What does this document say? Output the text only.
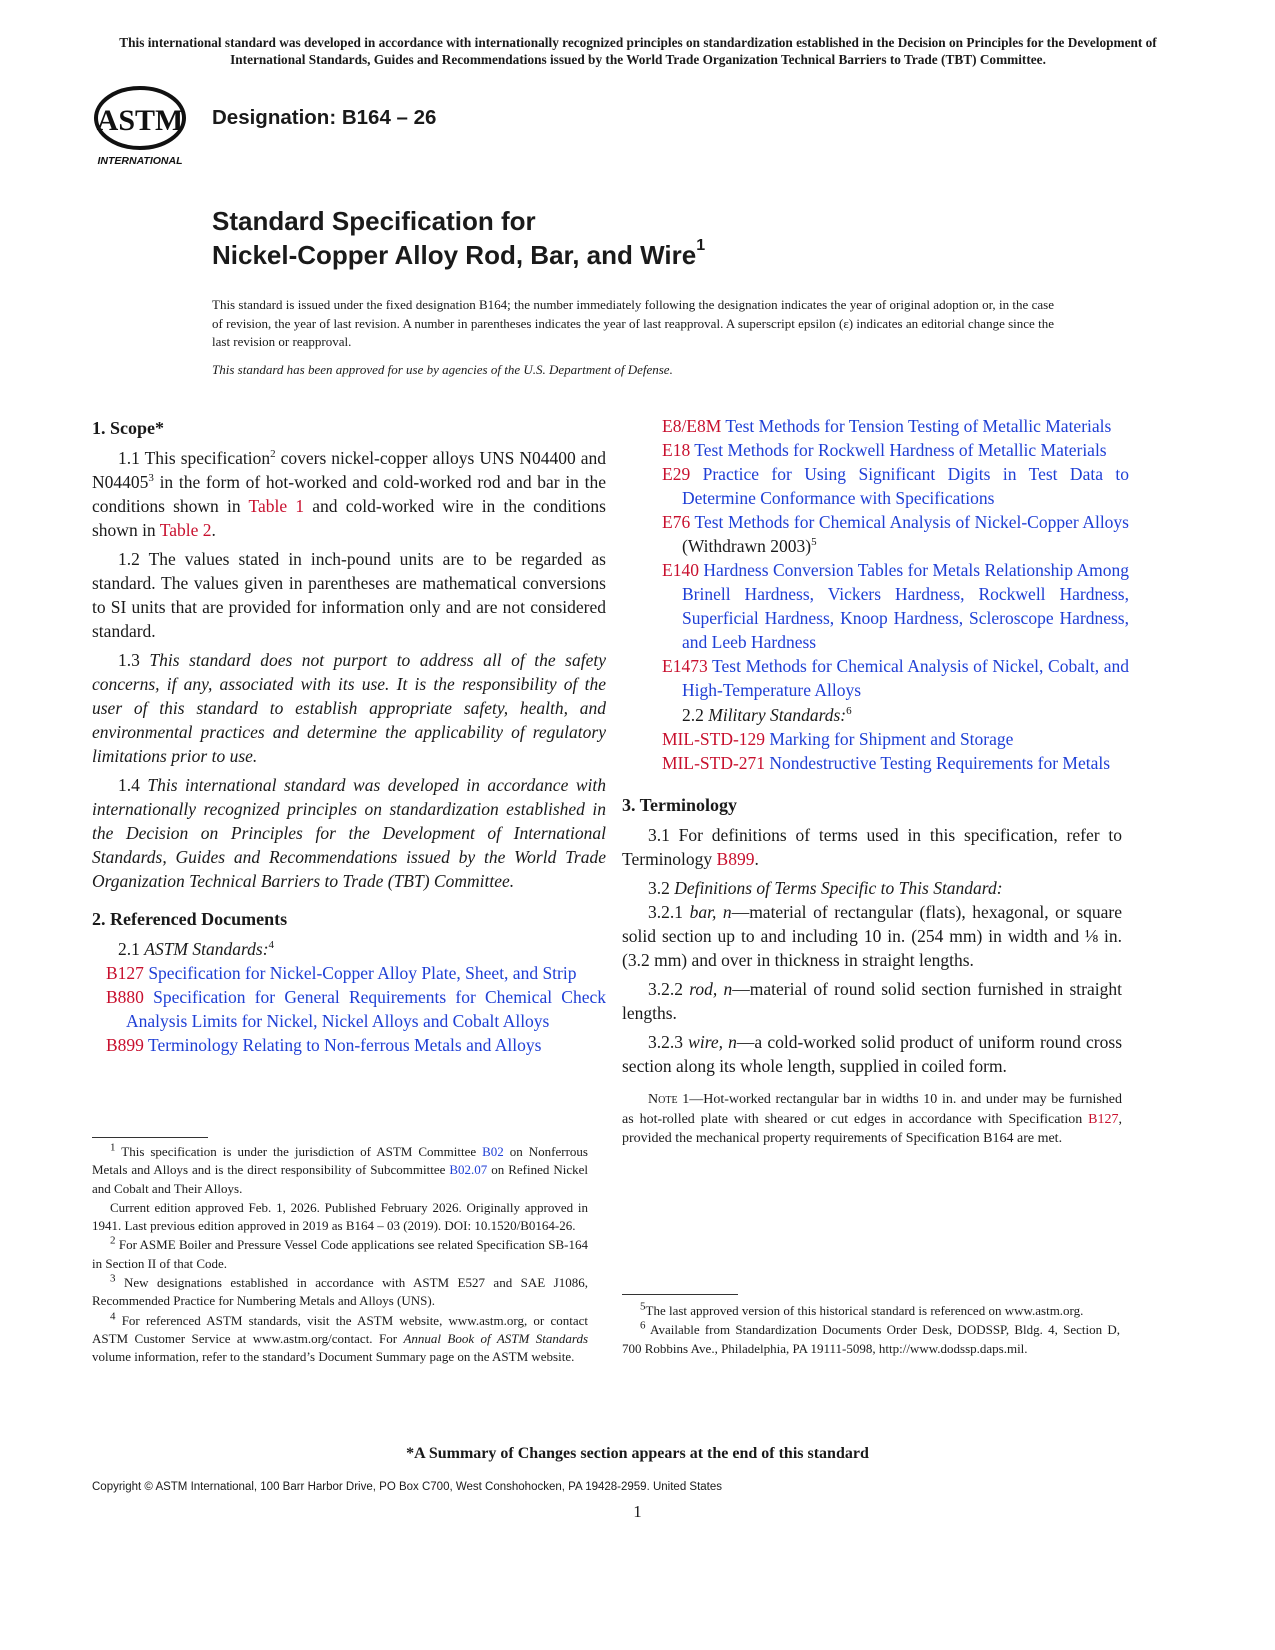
This international standard was developed in accordance with internationally recognized principles on standardization established in the Decision on Principles for the Development of International Standards, Guides and Recommendations issued by the World Trade Organization Technical Barriers to Trade (TBT) Committee.
ASTM
INTERNATIONAL
Designation: B164 – 26
Standard Specification for
Nickel-Copper Alloy Rod, Bar, and Wire$^1$
This standard is issued under the fixed designation B164; the number immediately following the designation indicates the year of original adoption or, in the case of revision, the year of last revision. A number in parentheses indicates the year of last reapproval. A superscript epsilon (ε) indicates an editorial change since the last revision or reapproval.
This standard has been approved for use by agencies of the U.S. Department of Defense.

1. Scope*

1.1 This specification$^2$ covers nickel-copper alloys UNS N04400 and N04405$^3$ in the form of hot-worked and cold-worked rod and bar in the conditions shown in Table 1 and cold-worked wire in the conditions shown in Table 2.

1.2 The values stated in inch-pound units are to be regarded as standard. The values given in parentheses are mathematical conversions to SI units that are provided for information only and are not considered standard.

1.3 This standard does not purport to address all of the safety concerns, if any, associated with its use. It is the responsibility of the user of this standard to establish appropriate safety, health, and environmental practices and determine the applicability of regulatory limitations prior to use.

1.4 This international standard was developed in accordance with internationally recognized principles on standardization established in the Decision on Principles for the Development of International Standards, Guides and Recommendations issued by the World Trade Organization Technical Barriers to Trade (TBT) Committee.

2. Referenced Documents

2.1 ASTM Standards:$^4$

B127 Specification for Nickel-Copper Alloy Plate, Sheet, and Strip

B880 Specification for General Requirements for Chemical Check Analysis Limits for Nickel, Nickel Alloys and Cobalt Alloys

B899 Terminology Relating to Non-ferrous Metals and Alloys

$^1$ This specification is under the jurisdiction of ASTM Committee B02 on Nonferrous Metals and Alloys and is the direct responsibility of Subcommittee B02.07 on Refined Nickel and Cobalt and Their Alloys.

Current edition approved Feb. 1, 2026. Published February 2026. Originally approved in 1941. Last previous edition approved in 2019 as B164 – 03 (2019). DOI: 10.1520/B0164-26.

$^2$ For ASME Boiler and Pressure Vessel Code applications see related Specification SB-164 in Section II of that Code.

$^3$ New designations established in accordance with ASTM E527 and SAE J1086, Recommended Practice for Numbering Metals and Alloys (UNS).

$^4$ For referenced ASTM standards, visit the ASTM website, www.astm.org, or contact ASTM Customer Service at www.astm.org/contact. For Annual Book of ASTM Standards volume information, refer to the standard’s Document Summary page on the ASTM website.

E8/E8M Test Methods for Tension Testing of Metallic Materials

E18 Test Methods for Rockwell Hardness of Metallic Materials

E29 Practice for Using Significant Digits in Test Data to Determine Conformance with Specifications

E76 Test Methods for Chemical Analysis of Nickel-Copper Alloys (Withdrawn 2003)$^5$

E140 Hardness Conversion Tables for Metals Relationship Among Brinell Hardness, Vickers Hardness, Rockwell Hardness, Superficial Hardness, Knoop Hardness, Scleroscope Hardness, and Leeb Hardness

E1473 Test Methods for Chemical Analysis of Nickel, Cobalt, and High-Temperature Alloys

2.2 Military Standards:$^6$

MIL-STD-129 Marking for Shipment and Storage

MIL-STD-271 Nondestructive Testing Requirements for Metals

3. Terminology

3.1 For definitions of terms used in this specification, refer to Terminology B899.

3.2 Definitions of Terms Specific to This Standard:

3.2.1 bar, n—material of rectangular (flats), hexagonal, or square solid section up to and including 10 in. (254 mm) in width and ⅛ in. (3.2 mm) and over in thickness in straight lengths.

3.2.2 rod, n—material of round solid section furnished in straight lengths.

3.2.3 wire, n—a cold-worked solid product of uniform round cross section along its whole length, supplied in coiled form.

Note 1—Hot-worked rectangular bar in widths 10 in. and under may be furnished as hot-rolled plate with sheared or cut edges in accordance with Specification B127, provided the mechanical property requirements of Specification B164 are met.

$^5$The last approved version of this historical standard is referenced on www.astm.org.

$^6$ Available from Standardization Documents Order Desk, DODSSP, Bldg. 4, Section D, 700 Robbins Ave., Philadelphia, PA 19111-5098, http://www.dodssp.daps.mil.

*A Summary of Changes section appears at the end of this standard
Copyright © ASTM International, 100 Barr Harbor Drive, PO Box C700, West Conshohocken, PA 19428-2959. United States
1
